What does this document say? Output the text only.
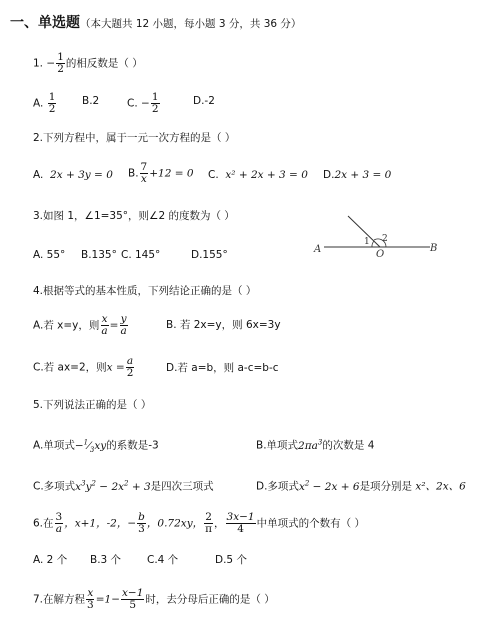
一、单选题（本大题共 12 小题，每小题 3 分，共 36 分）
1. − $\frac{1}{2}$ 的相反数是（ ）
A. $\frac{1}{2} B.2$	C. − $\frac{1}{2}$	D.-2
2.下列方程中，属于一元一次方程的是（ ）
A. 2x + 3y = 0 B. $\frac{7}{x} +12 = 0$ C. x² + 2x + 3 = 0 D.2x + 3 = 0
3.如图 1，∠1=35°，则∠2 的度数为（ ）
A. 55° B.135° C. 145°	D.155°	A	O
B
1 2
4.根据等式的基本性质，下列结论正确的是（ ）
A.若 x=y，则 $\frac{x}{a} = \frac{y}{a}$	B. 若 2x=y，则 6x=3y
C.若 ax=2，则$x = \frac{a}{2}$	D.若 a=b，则 a-c=b-c
5.下列说法正确的是（ ）
A.单项式$-^1⁄_3xy$的系数是-3	B.单项式$2\pi a^3$的次数是 4
C.多项式$x^3y^2 - 2x^2 + 3$是四次三项式	D.多项式$x^2 - 2x + 6$是项分别是 x²、2x、6
6.在 $\frac{3}{a}$ ，x+1，-2，− $\frac{b}{3}$ ，0.72xy， $\frac{2}{\pi}$ ， $\frac{3x-1}{4}$ 中单项式的个数有（ ）
A. 2 个 B.3 个 C.4 个	D.5 个
7.在解方程 $\frac{x}{3} =1- \frac{x-1}{5}$ 时，去分母后正确的是（ ）
